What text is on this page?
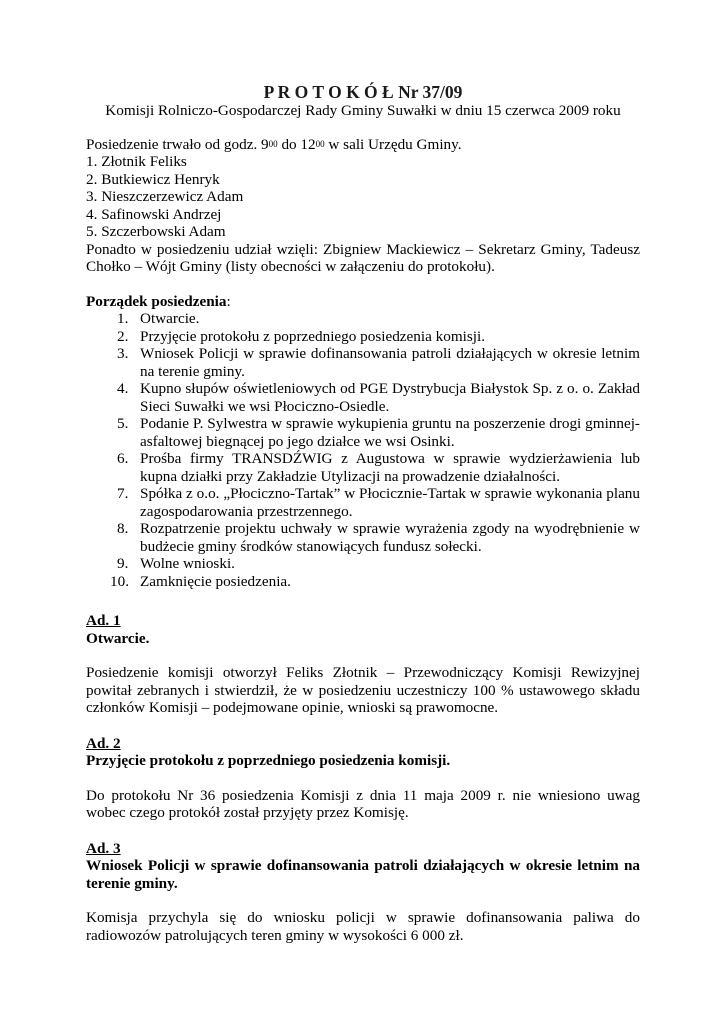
P R O T O K Ó Ł Nr 37/09
Komisji Rolniczo-Gospodarczej Rady Gminy Suwałki w dniu 15 czerwca 2009 roku
Posiedzenie trwało od godz. $9^{00}$ do $12^{00}$ w sali Urzędu Gminy.
1. Złotnik Feliks
2. Butkiewicz Henryk
3. Nieszczerzewicz Adam
4. Safinowski Andrzej
5. Szczerbowski Adam
Ponadto w posiedzeniu udział wzięli: Zbigniew Mackiewicz – Sekretarz Gminy, Tadeusz Chołko – Wójt Gminy (listy obecności w załączeniu do protokołu).
Porządek posiedzenia:
1. Otwarcie.
2. Przyjęcie protokołu z poprzedniego posiedzenia komisji.
3. Wniosek Policji w sprawie dofinansowania patroli działających w okresie letnim na terenie gminy.
4. Kupno słupów oświetleniowych od PGE Dystrybucja Białystok Sp. z o. o. Zakład Sieci Suwałki we wsi Płociczno-Osiedle.
5. Podanie P. Sylwestra w sprawie wykupienia gruntu na poszerzenie drogi gminnej-asfaltowej biegnącej po jego działce we wsi Osinki.
6. Prośba firmy TRANSDŹWIG z Augustowa w sprawie wydzierżawienia lub kupna działki przy Zakładzie Utylizacji na prowadzenie działalności.
7. Spółka z o.o. „Płociczno-Tartak” w Płocicznie-Tartak w sprawie wykonania planu zagospodarowania przestrzennego.
8. Rozpatrzenie projektu uchwały w sprawie wyrażenia zgody na wyodrębnienie w budżecie gminy środków stanowiących fundusz sołecki.
9. Wolne wnioski.
10. Zamknięcie posiedzenia.
Ad. 1
Otwarcie.
Posiedzenie komisji otworzył Feliks Złotnik – Przewodniczący Komisji Rewizyjnej powitał zebranych i stwierdził, że w posiedzeniu uczestniczy 100 % ustawowego składu członków Komisji – podejmowane opinie, wnioski są prawomocne.
Ad. 2
Przyjęcie protokołu z poprzedniego posiedzenia komisji.
Do protokołu Nr 36 posiedzenia Komisji z dnia 11 maja 2009 r. nie wniesiono uwag wobec czego protokół został przyjęty przez Komisję.
Ad. 3
Wniosek Policji w sprawie dofinansowania patroli działających w okresie letnim na terenie gminy.
Komisja przychyla się do wniosku policji w sprawie dofinansowania paliwa do radiowozów patrolujących teren gminy w wysokości 6 000 zł.
